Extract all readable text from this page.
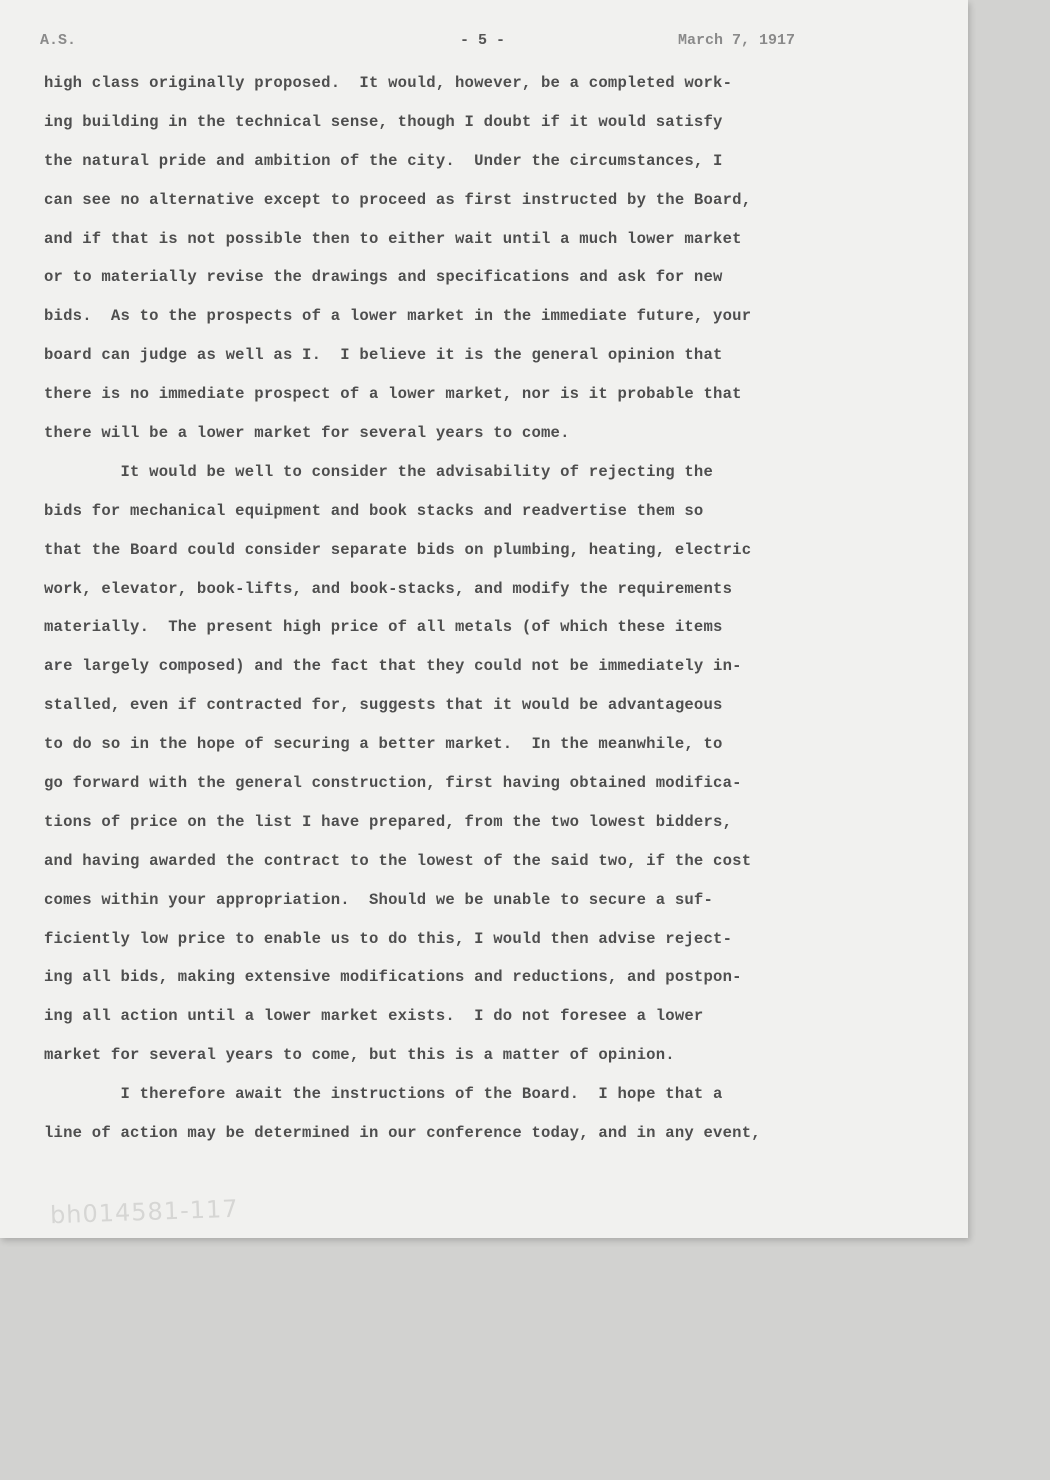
A.S.	- 5 -	March 7, 1917
high class originally proposed.  It would, however, be a completed work-
ing building in the technical sense, though I doubt if it would satisfy
the natural pride and ambition of the city.  Under the circumstances, I
can see no alternative except to proceed as first instructed by the Board,
and if that is not possible then to either wait until a much lower market
or to materially revise the drawings and specifications and ask for new
bids.  As to the prospects of a lower market in the immediate future, your
board can judge as well as I.  I believe it is the general opinion that
there is no immediate prospect of a lower market, nor is it probable that
there will be a lower market for several years to come.
It would be well to consider the advisability of rejecting the
bids for mechanical equipment and book stacks and readvertise them so
that the Board could consider separate bids on plumbing, heating, electric
work, elevator, book-lifts, and book-stacks, and modify the requirements
materially.  The present high price of all metals (of which these items
are largely composed) and the fact that they could not be immediately in-
stalled, even if contracted for, suggests that it would be advantageous
to do so in the hope of securing a better market.  In the meanwhile, to
go forward with the general construction, first having obtained modifica-
tions of price on the list I have prepared, from the two lowest bidders,
and having awarded the contract to the lowest of the said two, if the cost
comes within your appropriation.  Should we be unable to secure a suf-
ficiently low price to enable us to do this, I would then advise reject-
ing all bids, making extensive modifications and reductions, and postpon-
ing all action until a lower market exists.  I do not foresee a lower
market for several years to come, but this is a matter of opinion.
I therefore await the instructions of the Board.  I hope that a
line of action may be determined in our conference today, and in any event,
bh014581-117
